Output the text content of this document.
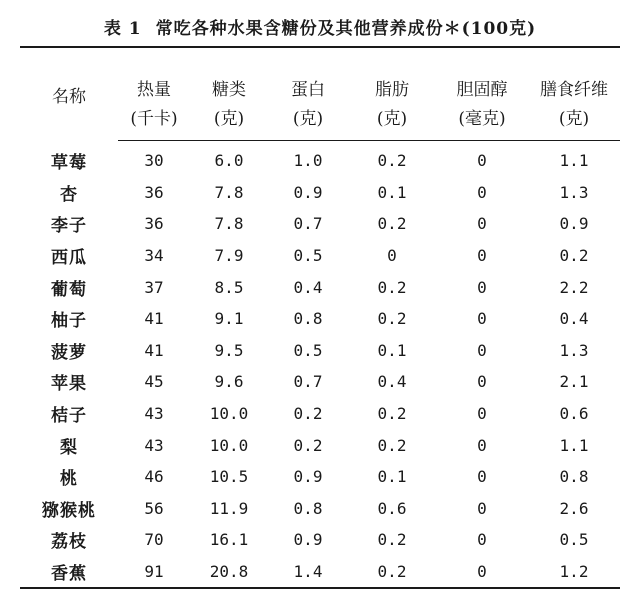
表 1 常吃各种水果含糖份及其他营养成份＊(100克)
名称	热量	糖类	蛋白	脂肪	胆固醇	膳食纤维
	(千卡)	(克)	(克)	(克)	(毫克)	(克)
草莓	30	6.0	1.0	0.2	0	1.1
杏	36	7.8	0.9	0.1	0	1.3
李子	36	7.8	0.7	0.2	0	0.9
西瓜	34	7.9	0.5	0	0	0.2
葡萄	37	8.5	0.4	0.2	0	2.2
柚子	41	9.1	0.8	0.2	0	0.4
菠萝	41	9.5	0.5	0.1	0	1.3
苹果	45	9.6	0.7	0.4	0	2.1
桔子	43	10.0	0.2	0.2	0	0.6
梨	43	10.0	0.2	0.2	0	1.1
桃	46	10.5	0.9	0.1	0	0.8
猕猴桃	56	11.9	0.8	0.6	0	2.6
荔枝	70	16.1	0.9	0.2	0	0.5
香蕉	91	20.8	1.4	0.2	0	1.2
